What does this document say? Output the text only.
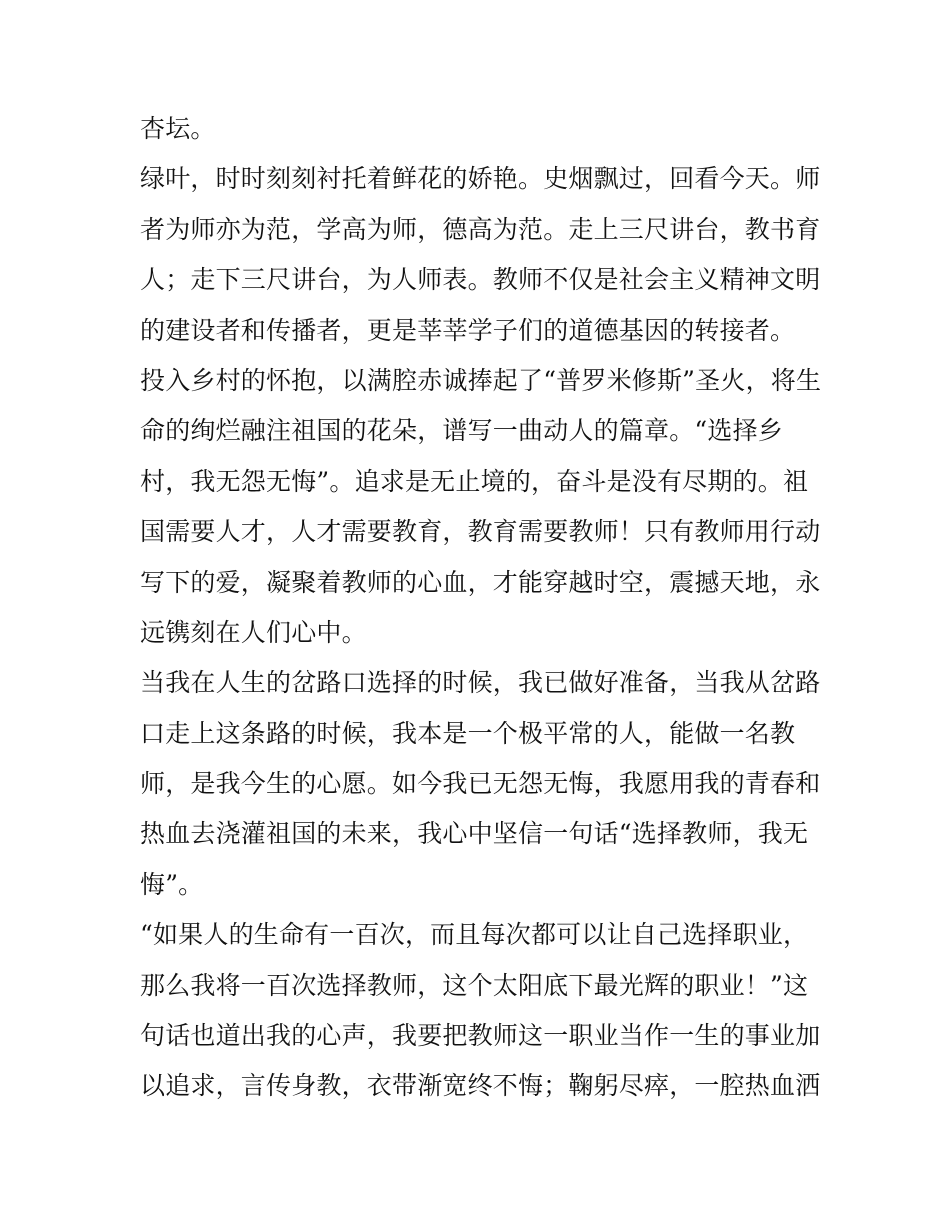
杏坛。
绿叶，时时刻刻衬托着鲜花的娇艳。史烟飘过，回看今天。师
者为师亦为范，学高为师，德高为范。走上三尺讲台，教书育
人；走下三尺讲台，为人师表。教师不仅是社会主义精神文明
的建设者和传播者，更是莘莘学子们的道德基因的转接者。
投入乡村的怀抱，以满腔赤诚捧起了“普罗米修斯”圣火，将生
命的绚烂融注祖国的花朵，谱写一曲动人的篇章。“选择乡
村，我无怨无悔”。追求是无止境的，奋斗是没有尽期的。祖
国需要人才，人才需要教育，教育需要教师！只有教师用行动
写下的爱，凝聚着教师的心血，才能穿越时空，震撼天地，永
远镌刻在人们心中。
当我在人生的岔路口选择的时候，我已做好准备，当我从岔路
口走上这条路的时候，我本是一个极平常的人，能做一名教
师，是我今生的心愿。如今我已无怨无悔，我愿用我的青春和
热血去浇灌祖国的未来，我心中坚信一句话“选择教师，我无
悔”。
“如果人的生命有一百次，而且每次都可以让自己选择职业，
那么我将一百次选择教师，这个太阳底下最光辉的职业！”这
句话也道出我的心声，我要把教师这一职业当作一生的事业加
以追求，言传身教，衣带渐宽终不悔；鞠躬尽瘁，一腔热血洒
